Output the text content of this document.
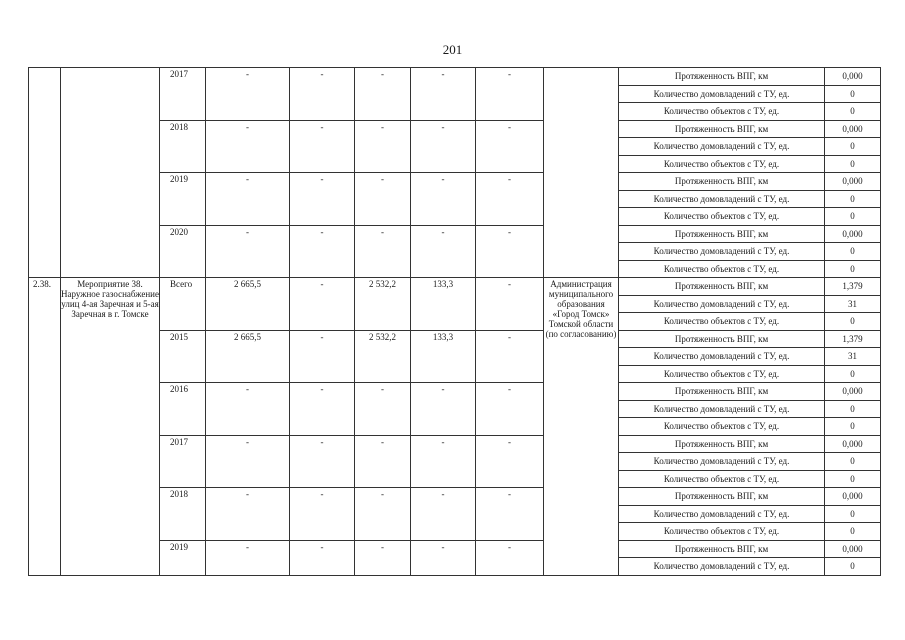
201
		2017	-	-	-	-	-		Протяженность ВПГ, км	0,000
									Количество домовладений с ТУ, ед.	0
									Количество объектов с ТУ, ед.	0
		2018	-	-	-	-	-		Протяженность ВПГ, км	0,000
									Количество домовладений с ТУ, ед.	0
									Количество объектов с ТУ, ед.	0
		2019	-	-	-	-	-		Протяженность ВПГ, км	0,000
									Количество домовладений с ТУ, ед.	0
									Количество объектов с ТУ, ед.	0
		2020	-	-	-	-	-		Протяженность ВПГ, км	0,000
									Количество домовладений с ТУ, ед.	0
									Количество объектов с ТУ, ед.	0
2.38.	Мероприятие 38. Наружное газоснабжение улиц 4-ая Заречная и 5-ая Заречная в г. Томске	Всего	2 665,5	-	2 532,2	133,3	-	Администрация муниципального образования «Город Томск» Томской области (по согласованию)	Протяженность ВПГ, км	1,379
									Количество домовладений с ТУ, ед.	31
									Количество объектов с ТУ, ед.	0
		2015	2 665,5	-	2 532,2	133,3	-		Протяженность ВПГ, км	1,379
									Количество домовладений с ТУ, ед.	31
									Количество объектов с ТУ, ед.	0
		2016	-	-	-	-	-		Протяженность ВПГ, км	0,000
									Количество домовладений с ТУ, ед.	0
									Количество объектов с ТУ, ед.	0
		2017	-	-	-	-	-		Протяженность ВПГ, км	0,000
									Количество домовладений с ТУ, ед.	0
									Количество объектов с ТУ, ед.	0
		2018	-	-	-	-	-		Протяженность ВПГ, км	0,000
									Количество домовладений с ТУ, ед.	0
									Количество объектов с ТУ, ед.	0
		2019	-	-	-	-	-		Протяженность ВПГ, км	0,000
									Количество домовладений с ТУ, ед.	0
